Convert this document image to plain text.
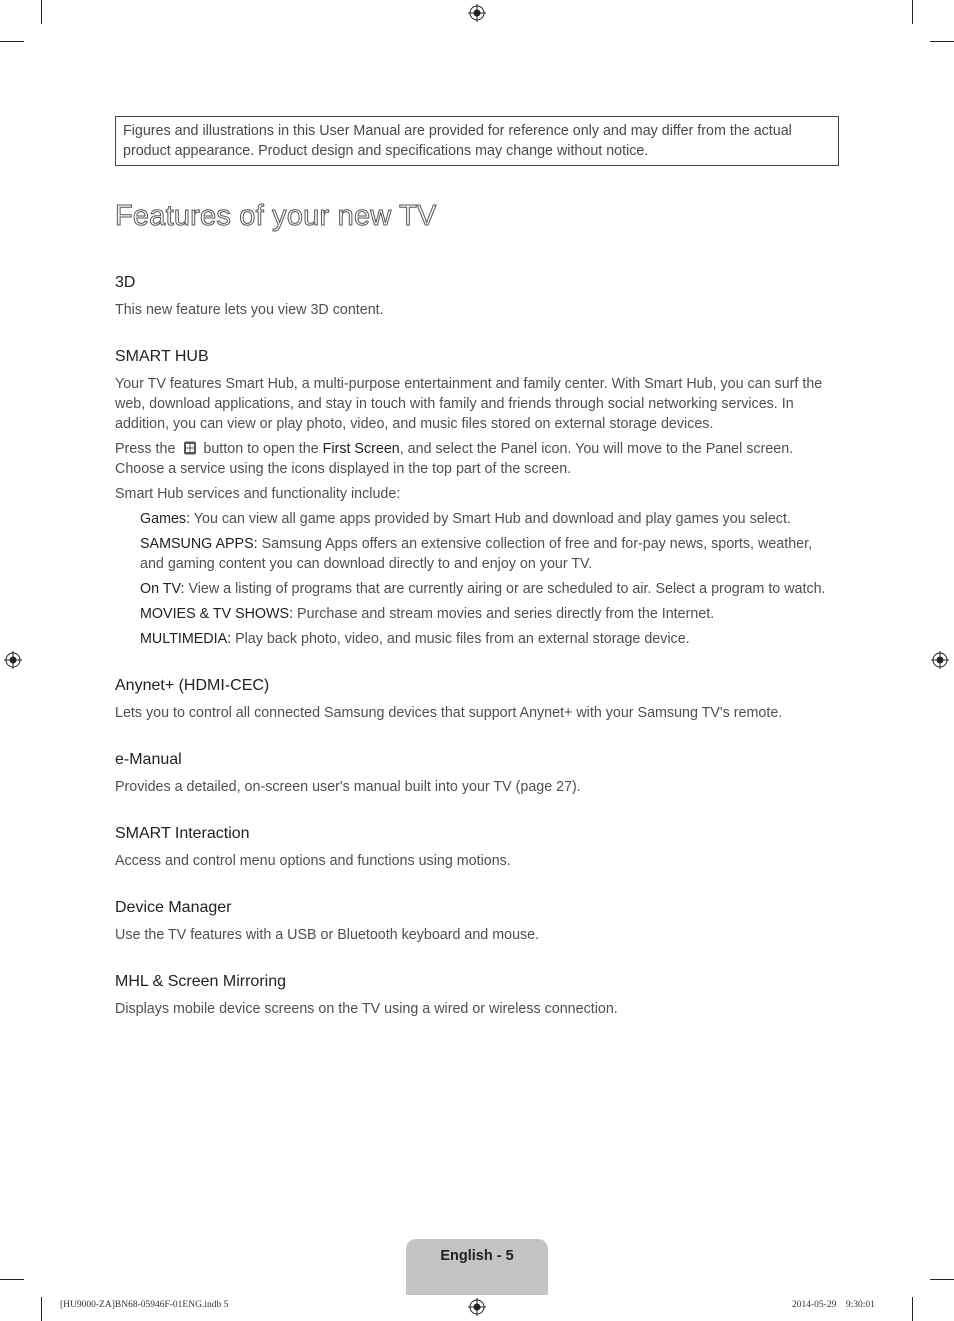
Figures and illustrations in this User Manual are provided for reference only and may differ from the actual product appearance. Product design and specifications may change without notice.
Features of your new TV
3D

This new feature lets you view 3D content.

SMART HUB

Your TV features Smart Hub, a multi-purpose entertainment and family center. With Smart Hub, you can surf the web, download applications, and stay in touch with family and friends through social networking services. In addition, you can view or play photo, video, and music files stored on external storage devices.

Press the button to open the First Screen, and select the Panel icon. You will move to the Panel screen. Choose a service using the icons displayed in the top part of the screen.

Smart Hub services and functionality include:

Games: You can view all game apps provided by Smart Hub and download and play games you select.

SAMSUNG APPS: Samsung Apps offers an extensive collection of free and for-pay news, sports, weather, and gaming content you can download directly to and enjoy on your TV.

On TV: View a listing of programs that are currently airing or are scheduled to air. Select a program to watch.

MOVIES & TV SHOWS: Purchase and stream movies and series directly from the Internet.

MULTIMEDIA: Play back photo, video, and music files from an external storage device.

Anynet+ (HDMI-CEC)

Lets you to control all connected Samsung devices that support Anynet+ with your Samsung TV's remote.

e-Manual

Provides a detailed, on-screen user's manual built into your TV (page 27).

SMART Interaction

Access and control menu options and functions using motions.

Device Manager

Use the TV features with a USB or Bluetooth keyboard and mouse.

MHL & Screen Mirroring

Displays mobile device screens on the TV using a wired or wireless connection.

English - 5
[HU9000-ZA]BN68-05946F-01ENG.indb 5	2014-05-29    9:30:01
